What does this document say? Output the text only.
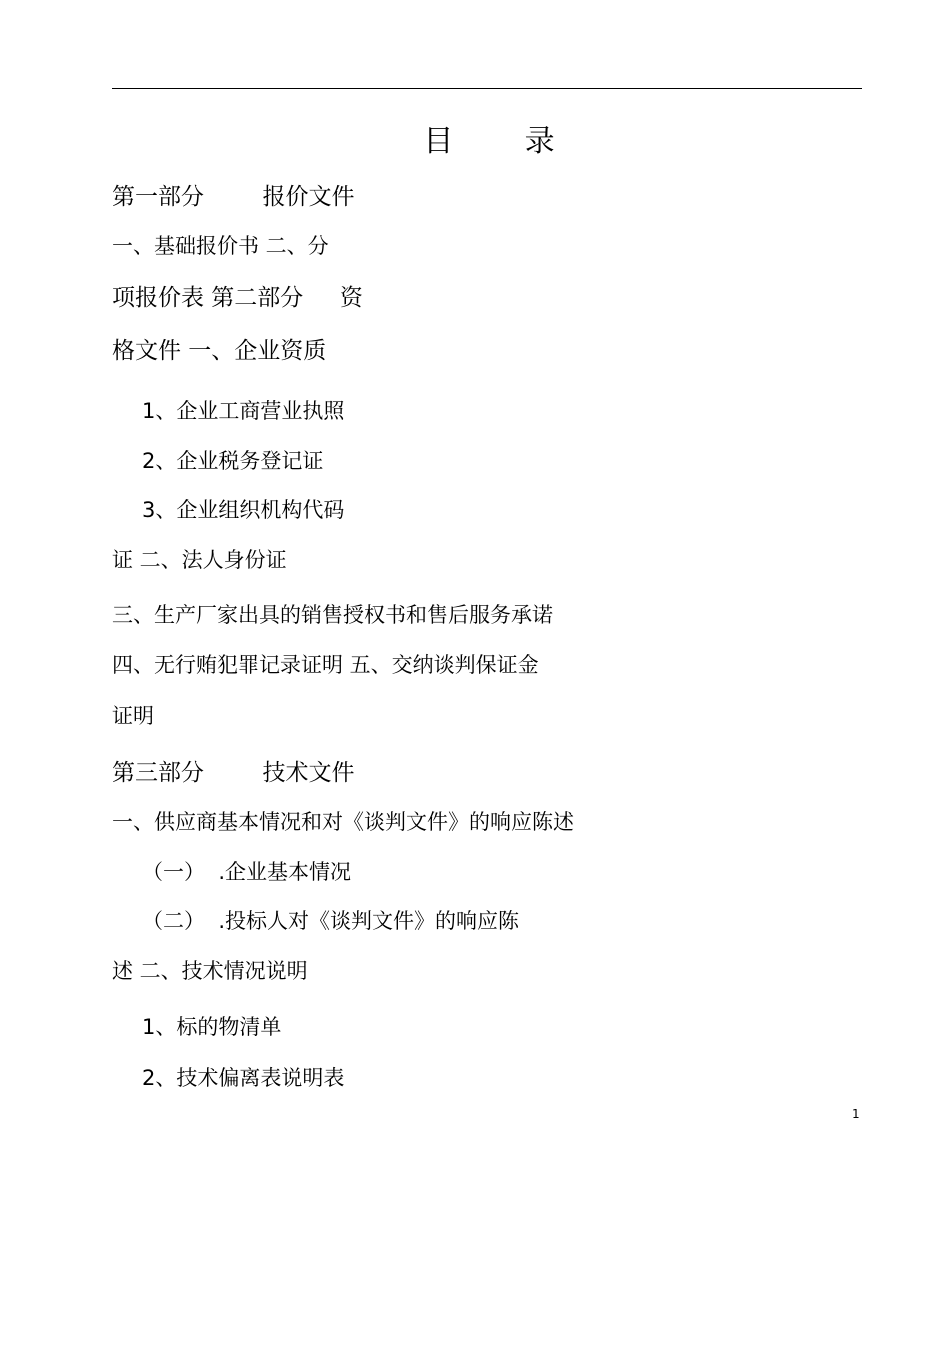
目      录
第一部分        报价文件
一、基础报价书 二、分
项报价表 第二部分     资
格文件 一、企业资质
1、企业工商营业执照
2、企业税务登记证
3、企业组织机构代码
证 二、法人身份证
三、生产厂家出具的销售授权书和售后服务承诺
四、无行贿犯罪记录证明 五、交纳谈判保证金
证明
第三部分        技术文件
一、供应商基本情况和对《谈判文件》的响应陈述
（一）  .企业基本情况
（二）  .投标人对《谈判文件》的响应陈
述 二、技术情况说明
1、标的物清单
2、技术偏离表说明表
1
